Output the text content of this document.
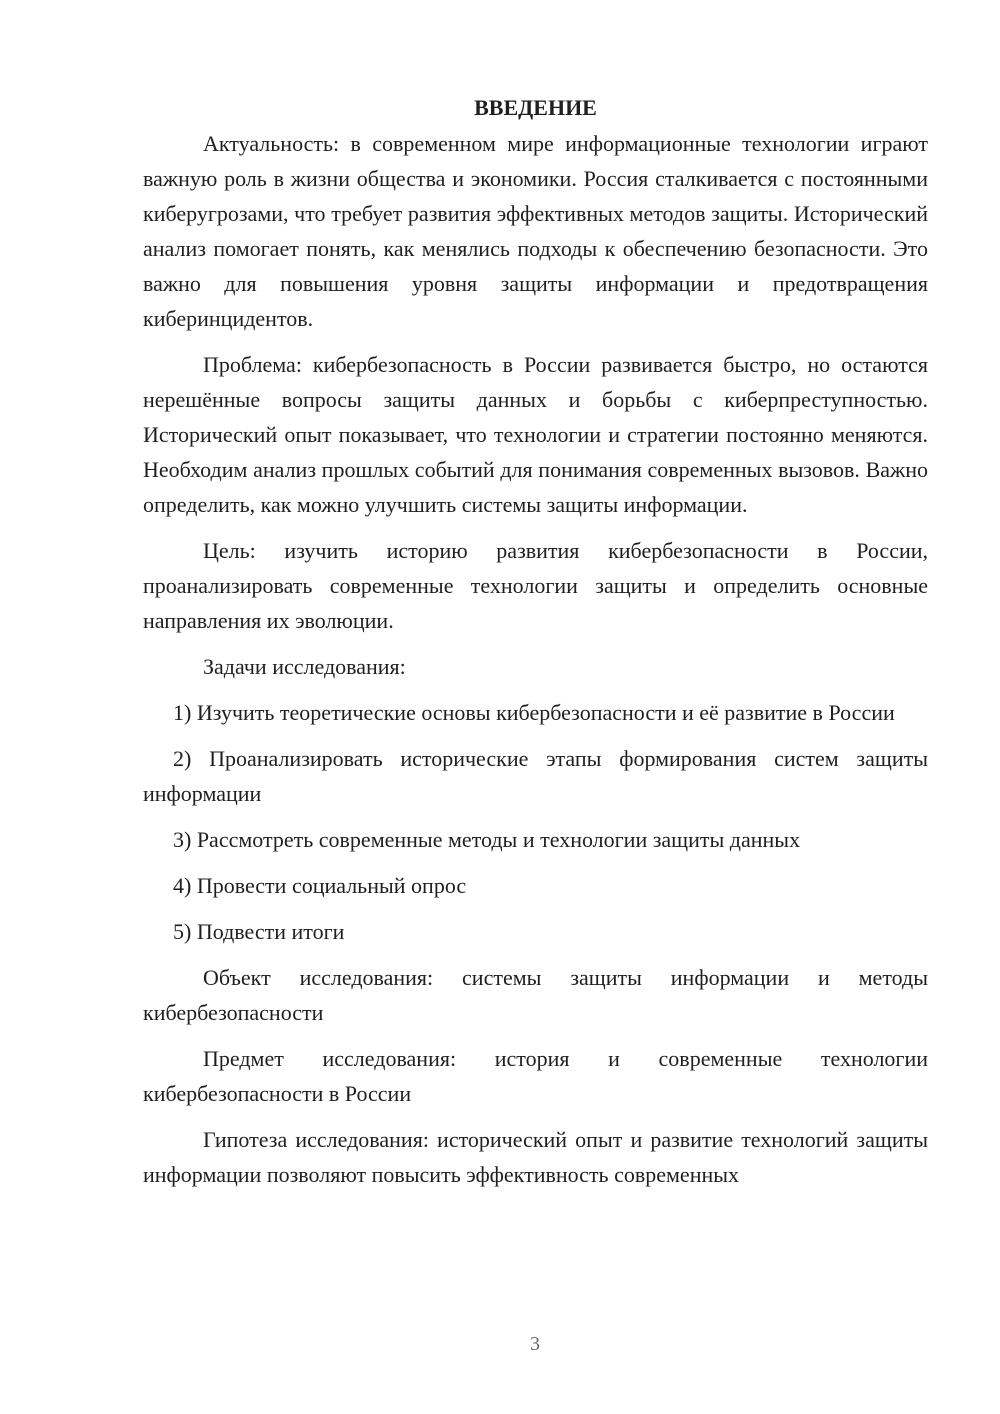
ВВЕДЕНИЕ

Актуальность: в современном мире информационные технологии играют важную роль в жизни общества и экономики. Россия сталкивается с постоянными киберугрозами, что требует развития эффективных методов защиты. Исторический анализ помогает понять, как менялись подходы к обеспечению безопасности. Это важно для повышения уровня защиты информации и предотвращения киберинцидентов.

Проблема: кибербезопасность в России развивается быстро, но остаются нерешённые вопросы защиты данных и борьбы с киберпреступностью. Исторический опыт показывает, что технологии и стратегии постоянно меняются. Необходим анализ прошлых событий для понимания современных вызовов. Важно определить, как можно улучшить системы защиты информации.

Цель: изучить историю развития кибербезопасности в России, проанализировать современные технологии защиты и определить основные направления их эволюции.

Задачи исследования:

1) Изучить теоретические основы кибербезопасности и её развитие в России

2) Проанализировать исторические этапы формирования систем защиты информации

3) Рассмотреть современные методы и технологии защиты данных

4) Провести социальный опрос

5) Подвести итоги

Объект исследования: системы защиты информации и методы кибербезопасности

Предмет исследования: история и современные технологии кибербезопасности в России

Гипотеза исследования: исторический опыт и развитие технологий защиты информации позволяют повысить эффективность современных

3
